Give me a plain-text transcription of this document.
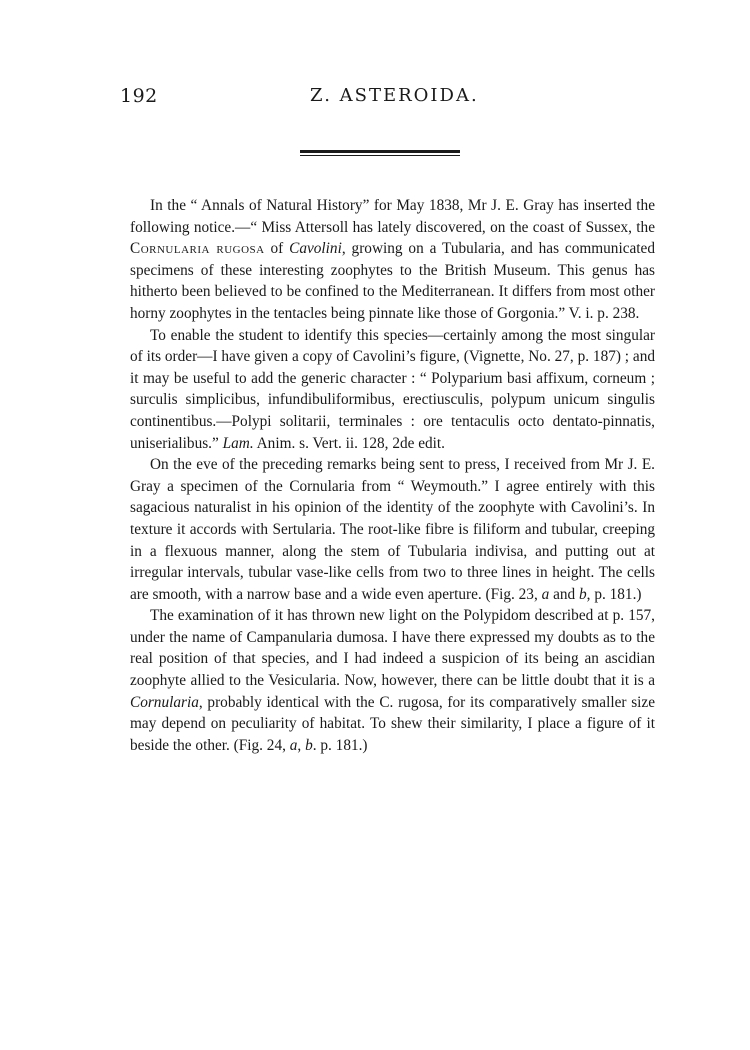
192	Z. ASTEROIDA.

In the “ Annals of Natural History” for May 1838, Mr J. E. Gray has inserted the following notice.—“ Miss Attersoll has lately discovered, on the coast of Sussex, the Cornularia rugosa of Cavolini, growing on a Tubularia, and has communicated specimens of these interesting zoophytes to the British Museum. This genus has hitherto been believed to be confined to the Mediterranean. It differs from most other horny zoophytes in the tentacles being pinnate like those of Gorgonia.” V. i. p. 238.

To enable the student to identify this species—certainly among the most singular of its order—I have given a copy of Cavolini’s figure, (Vignette, No. 27, p. 187) ; and it may be useful to add the generic character : “ Polyparium basi affixum, corneum ; surculis simplicibus, infundibuliformibus, erectiusculis, polypum unicum singulis continentibus.—Polypi solitarii, terminales : ore tentaculis octo dentato-pinnatis, uniserialibus.” Lam. Anim. s. Vert. ii. 128, 2de edit.

On the eve of the preceding remarks being sent to press, I received from Mr J. E. Gray a specimen of the Cornularia from “ Weymouth.” I agree entirely with this sagacious naturalist in his opinion of the identity of the zoophyte with Cavolini’s. In texture it accords with Sertularia. The root-like fibre is filiform and tubular, creeping in a flexuous manner, along the stem of Tubularia indivisa, and putting out at irregular intervals, tubular vase-like cells from two to three lines in height. The cells are smooth, with a narrow base and a wide even aperture. (Fig. 23, a and b, p. 181.)

The examination of it has thrown new light on the Polypidom described at p. 157, under the name of Campanularia dumosa. I have there expressed my doubts as to the real position of that species, and I had indeed a suspicion of its being an ascidian zoophyte allied to the Vesicularia. Now, however, there can be little doubt that it is a Cornularia, probably identical with the C. rugosa, for its comparatively smaller size may depend on peculiarity of habitat. To shew their similarity, I place a figure of it beside the other. (Fig. 24, a, b. p. 181.)
